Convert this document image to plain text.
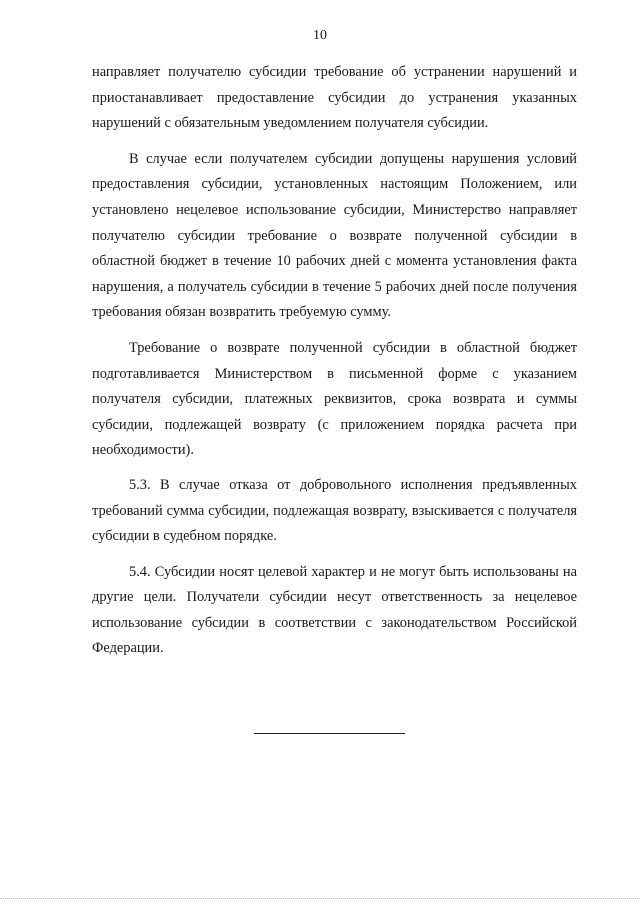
10

направляет получателю субсидии требование об устранении нарушений и приостанавливает предоставление субсидии до устранения указанных нарушений с обязательным уведомлением получателя субсидии.

В случае если получателем субсидии допущены нарушения условий предоставления субсидии, установленных настоящим Положением, или установлено нецелевое использование субсидии, Министерство направляет получателю субсидии требование о возврате полученной субсидии в областной бюджет в течение 10 рабочих дней с момента установления факта нарушения, а получатель субсидии в течение 5 рабочих дней после получения требования обязан возвратить требуемую сумму.

Требование о возврате полученной субсидии в областной бюджет подготавливается Министерством в письменной форме с указанием получателя субсидии, платежных реквизитов, срока возврата и суммы субсидии, подлежащей возврату (с приложением порядка расчета при необходимости).

5.3. В случае отказа от добровольного исполнения предъявленных требований сумма субсидии, подлежащая возврату, взыскивается с получателя субсидии в судебном порядке.

5.4. Субсидии носят целевой характер и не могут быть использованы на другие цели. Получатели субсидии несут ответственность за нецелевое использование субсидии в соответствии с законодательством Российской Федерации.
